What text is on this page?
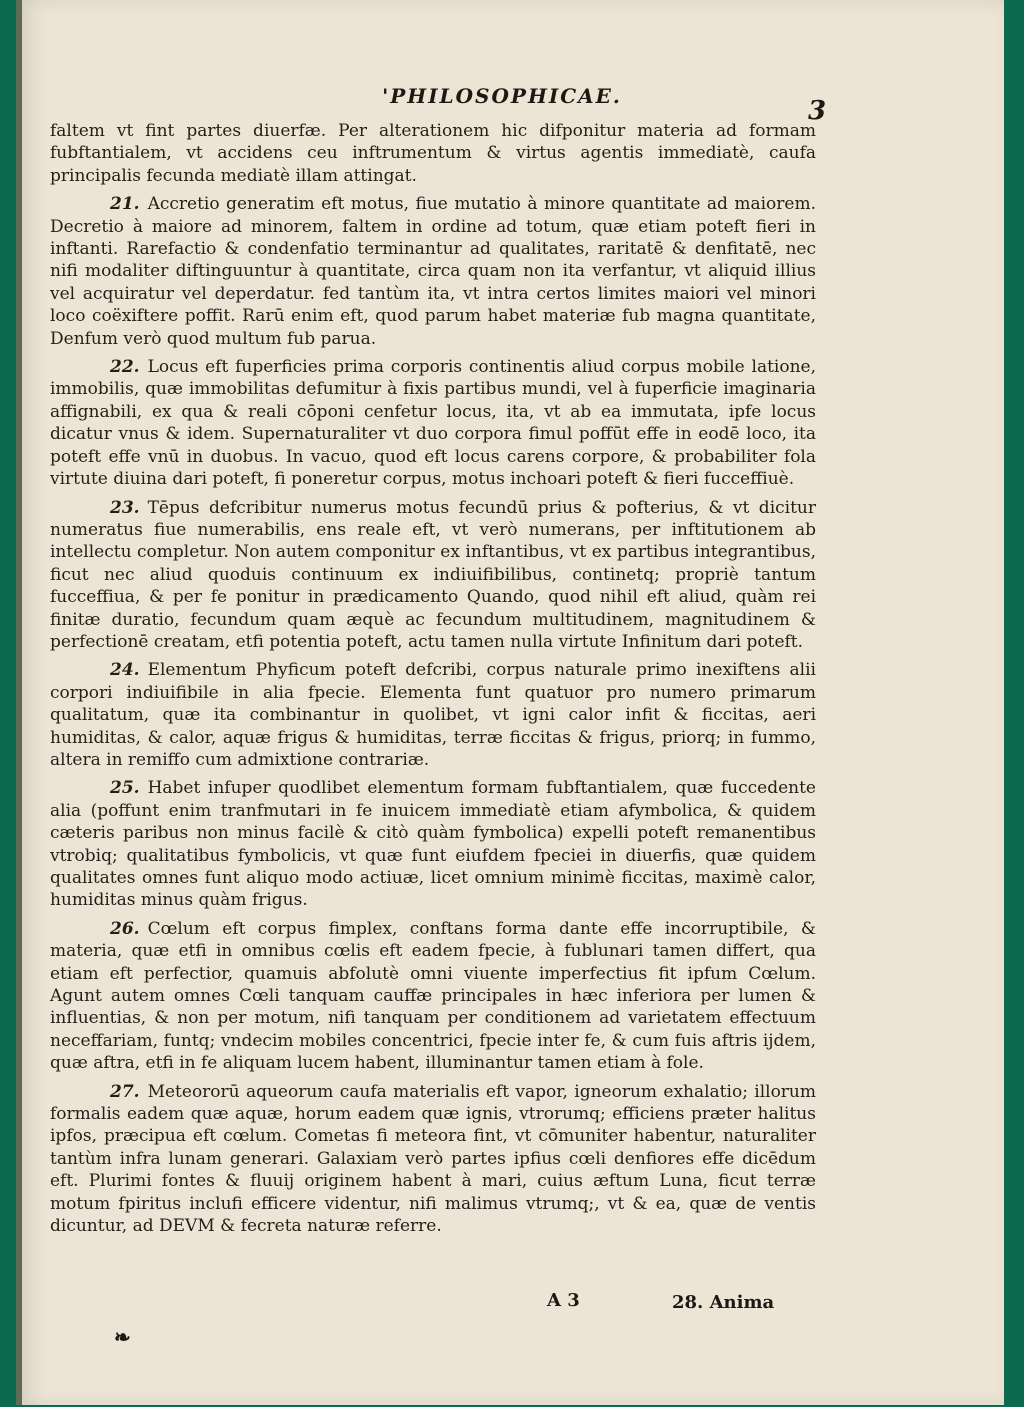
'PHILOSOPHICAE.	3

faltem vt fint partes diuerfæ. Per alterationem hic difponitur materia ad formam fubftantialem, vt accidens ceu inftrumentum & virtus agentis immediatè, caufa principalis fecunda mediatè illam attingat.

21. Accretio generatim eft motus, fiue mutatio à minore quantitate ad maiorem. Decretio à maiore ad minorem, faltem in ordine ad totum, quæ etiam poteft fieri in inftanti. Rarefactio & condenfatio terminantur ad qualitates, raritatē & denfitatē, nec nifi modaliter diftinguuntur à quantitate, circa quam non ita verfantur, vt aliquid illius vel acquiratur vel deperdatur. fed tantùm ita, vt intra certos limites maiori vel minori loco coëxiftere poffit. Rarū enim eft, quod parum habet materiæ fub magna quantitate, Denfum verò quod multum fub parua.

22. Locus eft fuperficies prima corporis continentis aliud corpus mobile latione, immobilis, quæ immobilitas defumitur à fixis partibus mundi, vel à fuperficie imaginaria affignabili, ex qua & reali cōponi cenfetur locus, ita, vt ab ea immutata, ipfe locus dicatur vnus & idem. Supernaturaliter vt duo corpora fimul poffūt effe in eodē loco, ita poteft effe vnū in duobus. In vacuo, quod eft locus carens corpore, & probabiliter fola virtute diuina dari poteft, fi poneretur corpus, motus inchoari poteft & fieri fucceffiuè.

23. Tēpus defcribitur numerus motus fecundū prius & pofterius, & vt dicitur numeratus fiue numerabilis, ens reale eft, vt verò numerans, per inftitutionem ab intellectu completur. Non autem componitur ex inftantibus, vt ex partibus integrantibus, ficut nec aliud quoduis continuum ex indiuifibilibus, continetq; propriè tantum fucceffiua, & per fe ponitur in prædicamento Quando, quod nihil eft aliud, quàm rei finitæ duratio, fecundum quam æquè ac fecundum multitudinem, magnitudinem & perfectionē creatam, etfi potentia poteft, actu tamen nulla virtute Infinitum dari poteft.

24. Elementum Phyficum poteft defcribi, corpus naturale primo inexiftens alii corpori indiuifibile in alia fpecie. Elementa funt quatuor pro numero primarum qualitatum, quæ ita combinantur in quolibet, vt igni calor infit & ficcitas, aeri humiditas, & calor, aquæ frigus & humiditas, terræ ficcitas & frigus, priorq; in fummo, altera in remiffo cum admixtione contrariæ.

25. Habet infuper quodlibet elementum formam fubftantialem, quæ fuccedente alia (poffunt enim tranfmutari in fe inuicem immediatè etiam afymbolica, & quidem cæteris paribus non minus facilè & citò quàm fymbolica) expelli poteft remanentibus vtrobiq; qualitatibus fymbolicis, vt quæ funt eiufdem fpeciei in diuerfis, quæ quidem qualitates omnes funt aliquo modo actiuæ, licet omnium minimè ficcitas, maximè calor, humiditas minus quàm frigus.

26. Cœlum eft corpus fimplex, conftans forma dante effe incorruptibile, & materia, quæ etfi in omnibus cœlis eft eadem fpecie, à fublunari tamen differt, qua etiam eft perfectior, quamuis abfolutè omni viuente imperfectius fit ipfum Cœlum. Agunt autem omnes Cœli tanquam cauffæ principales in hæc inferiora per lumen & influentias, & non per motum, nifi tanquam per conditionem ad varietatem effectuum neceffariam, funtq; vndecim mobiles concentrici, fpecie inter fe, & cum fuis aftris ijdem, quæ aftra, etfi in fe aliquam lucem habent, illuminantur tamen etiam à fole.

27. Meteororū aqueorum caufa materialis eft vapor, igneorum exhalatio; illorum formalis eadem quæ aquæ, horum eadem quæ ignis, vtrorumq; efficiens præter halitus ipfos, præcipua eft cœlum. Cometas fi meteora fint, vt cōmuniter habentur, naturaliter tantùm infra lunam generari. Galaxiam verò partes ipfius cœli denfiores effe dicēdum eft. Plurimi fontes & fluuij originem habent à mari, cuius æftum Luna, ficut terræ motum fpiritus inclufi efficere videntur, nifi malimus vtrumq;, vt & ea, quæ de ventis dicuntur, ad DEVM & fecreta naturæ referre.

A 3	28. Anima
❧
